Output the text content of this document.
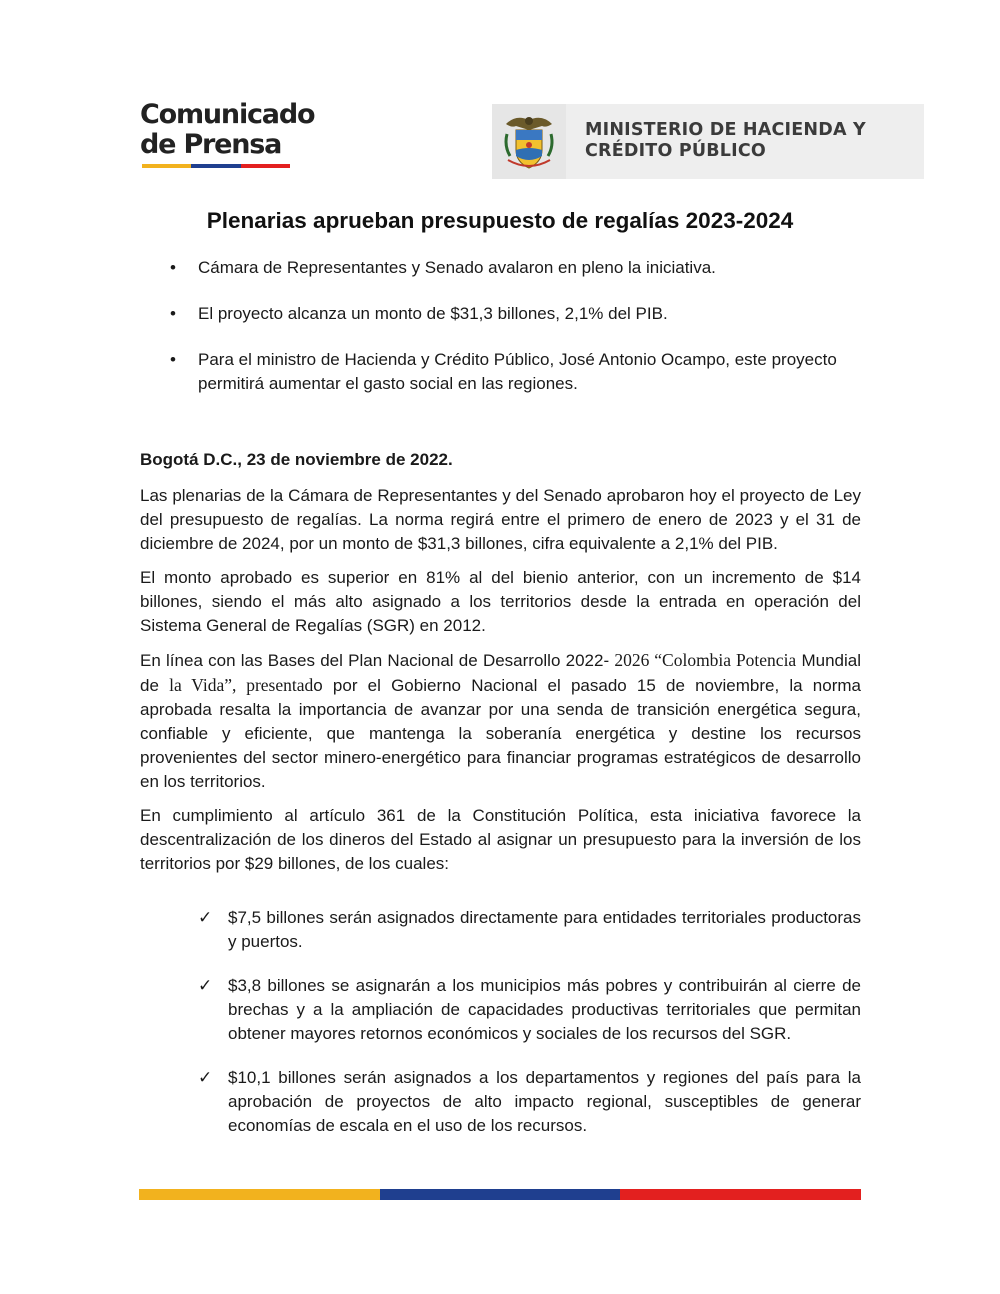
Comunicado
de Prensa	MINISTERIO DE HACIENDA Y
CRÉDITO PÚBLICO
Plenarias aprueban presupuesto de regalías 2023-2024
• Cámara de Representantes y Senado avalaron en pleno la iniciativa.
• El proyecto alcanza un monto de $31,3 billones, 2,1% del PIB.
• Para el ministro de Hacienda y Crédito Público, José Antonio Ocampo, este proyecto permitirá aumentar el gasto social en las regiones.

Bogotá D.C., 23 de noviembre de 2022.

Las plenarias de la Cámara de Representantes y del Senado aprobaron hoy el proyecto de Ley del presupuesto de regalías. La norma regirá entre el primero de enero de 2023 y el 31 de diciembre de 2024, por un monto de $31,3 billones, cifra equivalente a 2,1% del PIB.

El monto aprobado es superior en 81% al del bienio anterior, con un incremento de $14 billones, siendo el más alto asignado a los territorios desde la entrada en operación del Sistema General de Regalías (SGR) en 2012.

En línea con las Bases del Plan Nacional de Desarrollo 2022- 2026 “Colombia Potencia Mundial de la Vida”, presentado por el Gobierno Nacional el pasado 15 de noviembre, la norma aprobada resalta la importancia de avanzar por una senda de transición energética segura, confiable y eficiente, que mantenga la soberanía energética y destine los recursos provenientes del sector minero-energético para financiar programas estratégicos de desarrollo en los territorios.

En cumplimiento al artículo 361 de la Constitución Política, esta iniciativa favorece la descentralización de los dineros del Estado al asignar un presupuesto para la inversión de los territorios por $29 billones, de los cuales:

✓ $7,5 billones serán asignados directamente para entidades territoriales productoras y puertos.
✓ $3,8 billones se asignarán a los municipios más pobres y contribuirán al cierre de brechas y a la ampliación de capacidades productivas territoriales que permitan obtener mayores retornos económicos y sociales de los recursos del SGR.
✓ $10,1 billones serán asignados a los departamentos y regiones del país para la aprobación de proyectos de alto impacto regional, susceptibles de generar economías de escala en el uso de los recursos.
